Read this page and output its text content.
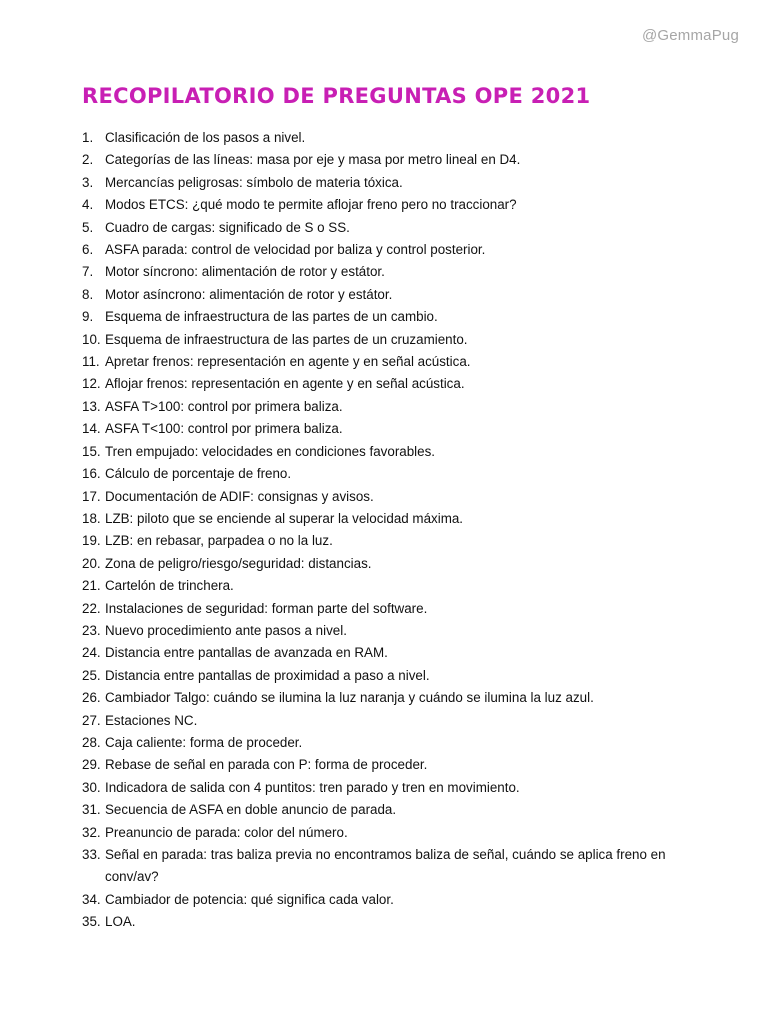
@GemmaPug
RECOPILATORIO DE PREGUNTAS OPE 2021
1. Clasificación de los pasos a nivel.
2. Categorías de las líneas: masa por eje y masa por metro lineal en D4.
3. Mercancías peligrosas: símbolo de materia tóxica.
4. Modos ETCS: ¿qué modo te permite aflojar freno pero no traccionar?
5. Cuadro de cargas: significado de S o SS.
6. ASFA parada: control de velocidad por baliza y control posterior.
7. Motor síncrono: alimentación de rotor y estátor.
8. Motor asíncrono: alimentación de rotor y estátor.
9. Esquema de infraestructura de las partes de un cambio.
10. Esquema de infraestructura de las partes de un cruzamiento.
11. Apretar frenos: representación en agente y en señal acústica.
12. Aflojar frenos: representación en agente y en señal acústica.
13. ASFA T>100: control por primera baliza.
14. ASFA T<100: control por primera baliza.
15. Tren empujado: velocidades en condiciones favorables.
16. Cálculo de porcentaje de freno.
17. Documentación de ADIF: consignas y avisos.
18. LZB: piloto que se enciende al superar la velocidad máxima.
19. LZB: en rebasar, parpadea o no la luz.
20. Zona de peligro/riesgo/seguridad: distancias.
21. Cartelón de trinchera.
22. Instalaciones de seguridad: forman parte del software.
23. Nuevo procedimiento ante pasos a nivel.
24. Distancia entre pantallas de avanzada en RAM.
25. Distancia entre pantallas de proximidad a paso a nivel.
26. Cambiador Talgo: cuándo se ilumina la luz naranja y cuándo se ilumina la luz azul.
27. Estaciones NC.
28. Caja caliente: forma de proceder.
29. Rebase de señal en parada con P: forma de proceder.
30. Indicadora de salida con 4 puntitos: tren parado y tren en movimiento.
31. Secuencia de ASFA en doble anuncio de parada.
32. Preanuncio de parada: color del número.
33. Señal en parada: tras baliza previa no encontramos baliza de señal, cuándo se aplica freno en conv/av?
34. Cambiador de potencia: qué significa cada valor.
35. LOA.
